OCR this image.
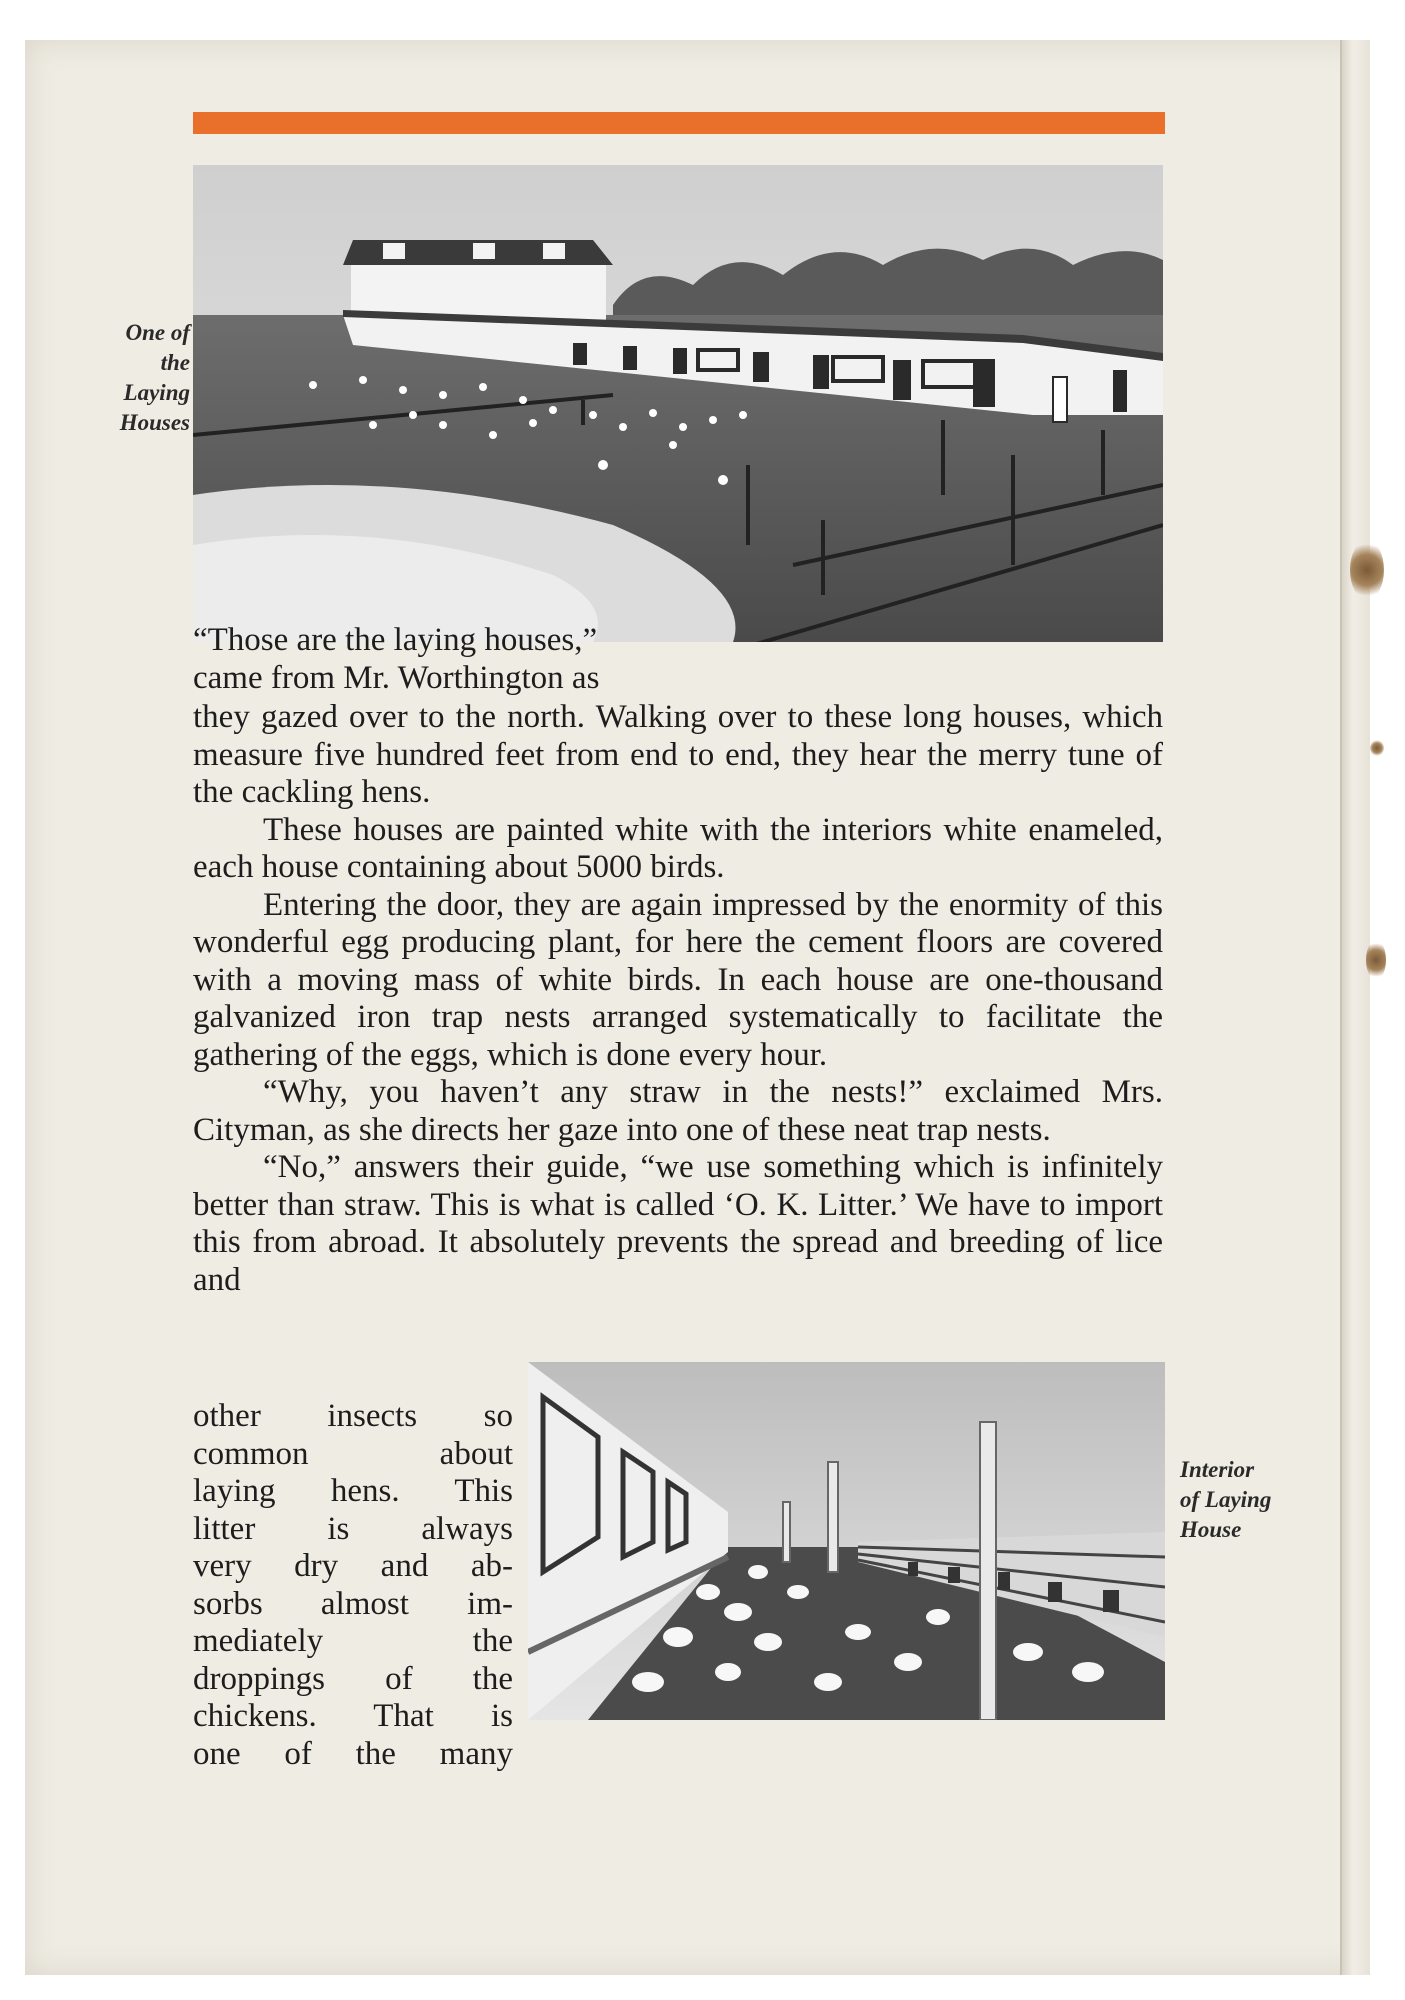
One of
the
Laying
Houses
“Those are the laying houses,”
came from Mr. Worthington as

they gazed over to the north. Walking over to these long houses, which measure five hundred feet from end to end, they hear the merry tune of the cackling hens.

These houses are painted white with the interiors white enameled, each house containing about 5000 birds.

Entering the door, they are again impressed by the enormity of this wonderful egg producing plant, for here the cement floors are covered with a moving mass of white birds. In each house are one-thousand galvanized iron trap nests arranged systematically to facilitate the gathering of the eggs, which is done every hour.

“Why, you haven’t any straw in the nests!” exclaimed Mrs. Cityman, as she directs her gaze into one of these neat trap nests.

“No,” answers their guide, “we use something which is infinitely better than straw. This is what is called ‘O. K. Litter.’ We have to import this from abroad. It absolutely prevents the spread and breeding of lice and

other insects so
common about
laying hens. This
litter is always
very dry and ab-
sorbs almost im-
mediately the
droppings of the
chickens. That is
one of the many
Interior
of Laying
House
